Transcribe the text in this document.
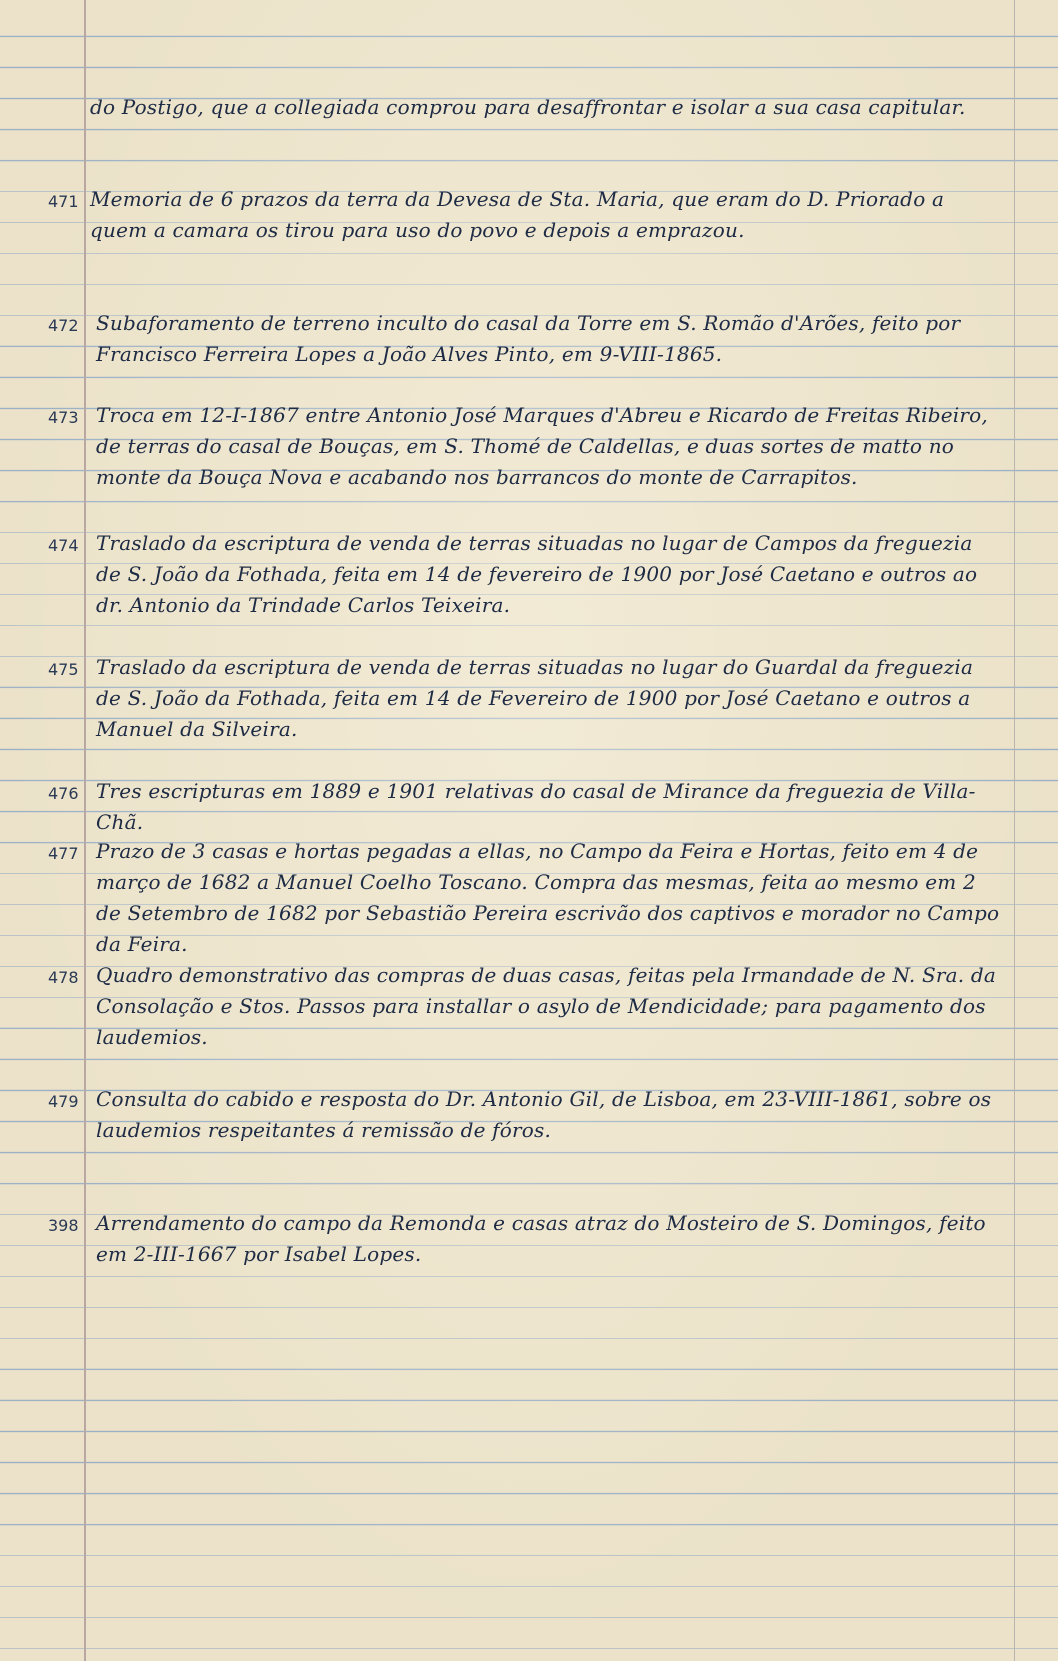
do Postigo, que a collegiada comprou para desaffrontar e isolar a sua casa capitular.
471 Memoria de 6 prazos da terra da Devesa de Sta. Maria, que eram do D. Priorado a quem a camara os tirou para uso do povo e depois a emprazou.
472 Subaforamento de terreno inculto do casal da Torre em S. Romão d'Arões, feito por Francisco Ferreira Lopes a João Alves Pinto, em 9-VIII-1865.
473 Troca em 12-I-1867 entre Antonio José Marques d'Abreu e Ricardo de Freitas Ribeiro, de terras do casal de Bouças, em S. Thomé de Caldellas, e duas sortes de matto no monte da Bouça Nova e acabando nos barrancos do monte de Carrapitos.
474 Traslado da escriptura de venda de terras situadas no lugar de Campos da freguezia de S. João da Fothada, feita em 14 de fevereiro de 1900 por José Caetano e outros ao dr. Antonio da Trindade Carlos Teixeira.
475 Traslado da escriptura de venda de terras situadas no lugar do Guardal da freguezia de S. João da Fothada, feita em 14 de Fevereiro de 1900 por José Caetano e outros a Manuel da Silveira.
476 Tres escripturas em 1889 e 1901 relativas do casal de Mirance da freguezia de Villa-Chã.
477 Prazo de 3 casas e hortas pegadas a ellas, no Campo da Feira e Hortas, feito em 4 de março de 1682 a Manuel Coelho Toscano. Compra das mesmas, feita ao mesmo em 2 de Setembro de 1682 por Sebastião Pereira escrivão dos captivos e morador no Campo da Feira.
478 Quadro demonstrativo das compras de duas casas, feitas pela Irmandade de N. Sra. da Consolação e Stos. Passos para installar o asylo de Mendicidade; para pagamento dos laudemios.
479 Consulta do cabido e resposta do Dr. Antonio Gil, de Lisboa, em 23-VIII-1861, sobre os laudemios respeitantes á remissão de fóros.
398 Arrendamento do campo da Remonda e casas atraz do Mosteiro de S. Domingos, feito em 2-III-1667 por Isabel Lopes.
